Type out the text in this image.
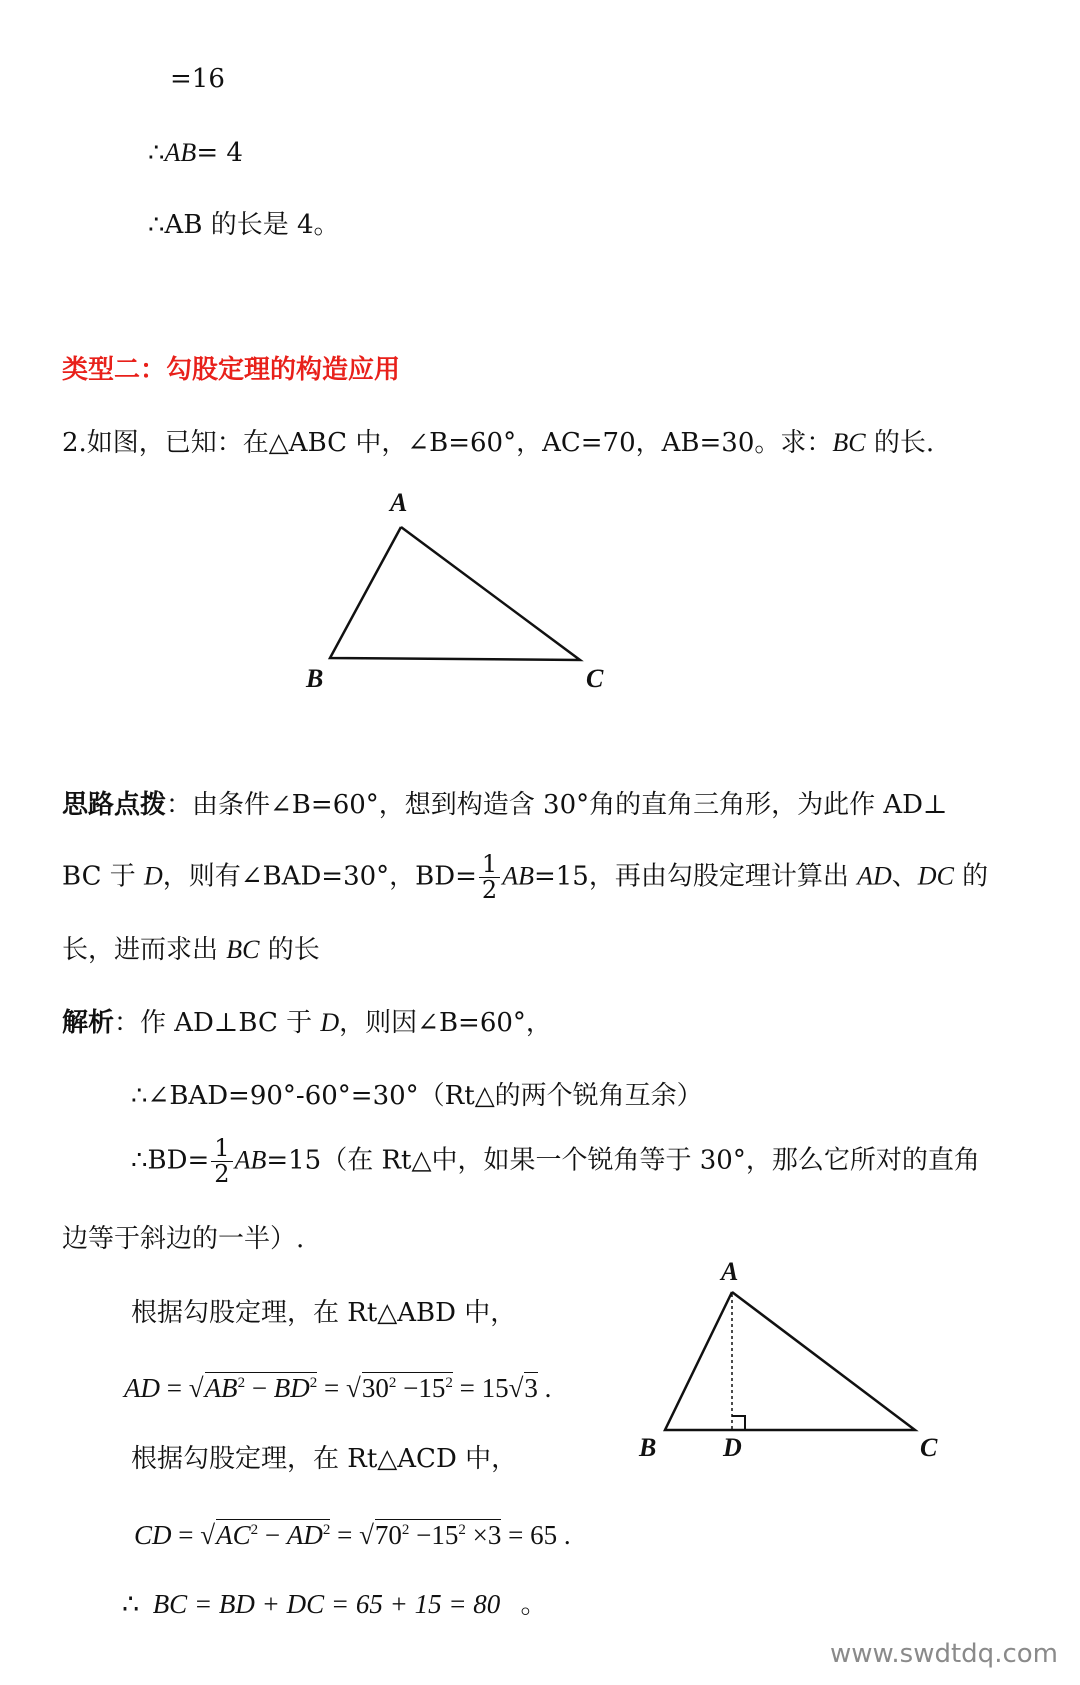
=16
∴AB= 4
∴AB 的长是 4。
类型二：勾股定理的构造应用
2.如图，已知：在△ABC 中，∠B=60°，AC=70，AB=30。求：BC 的长.
A
B	C
思路点拨：由条件∠B=60°，想到构造含 30°角的直角三角形，为此作 AD⊥
BC 于 D，则有∠BAD=30°，$BD= \frac{1}{2} AB=15$，再由勾股定理计算出 AD、DC 的
长，进而求出 BC 的长
解析：作 AD⊥BC 于 D，则因∠B=60°，
∴∠BAD=90°-60°=30°（Rt△的两个锐角互余）
∴BD= $\frac{1}{2} AB=15$（在 Rt△中，如果一个锐角等于 30°，那么它所对的直角
边等于斜边的一半）.
根据勾股定理，在 Rt△ABD 中，
AD = $√AB^2 - BD^2 = √30^2 -15^2 = 15√3$ .
根据勾股定理，在 Rt△ACD 中，
CD = $√AC^2 - AD^2 = √70^2 -15^2 \times 3 = 65$ .
∴ BC = BD + DC = 65 + 15 = 80 。
A
B	D	C
www.swdtdq.com
